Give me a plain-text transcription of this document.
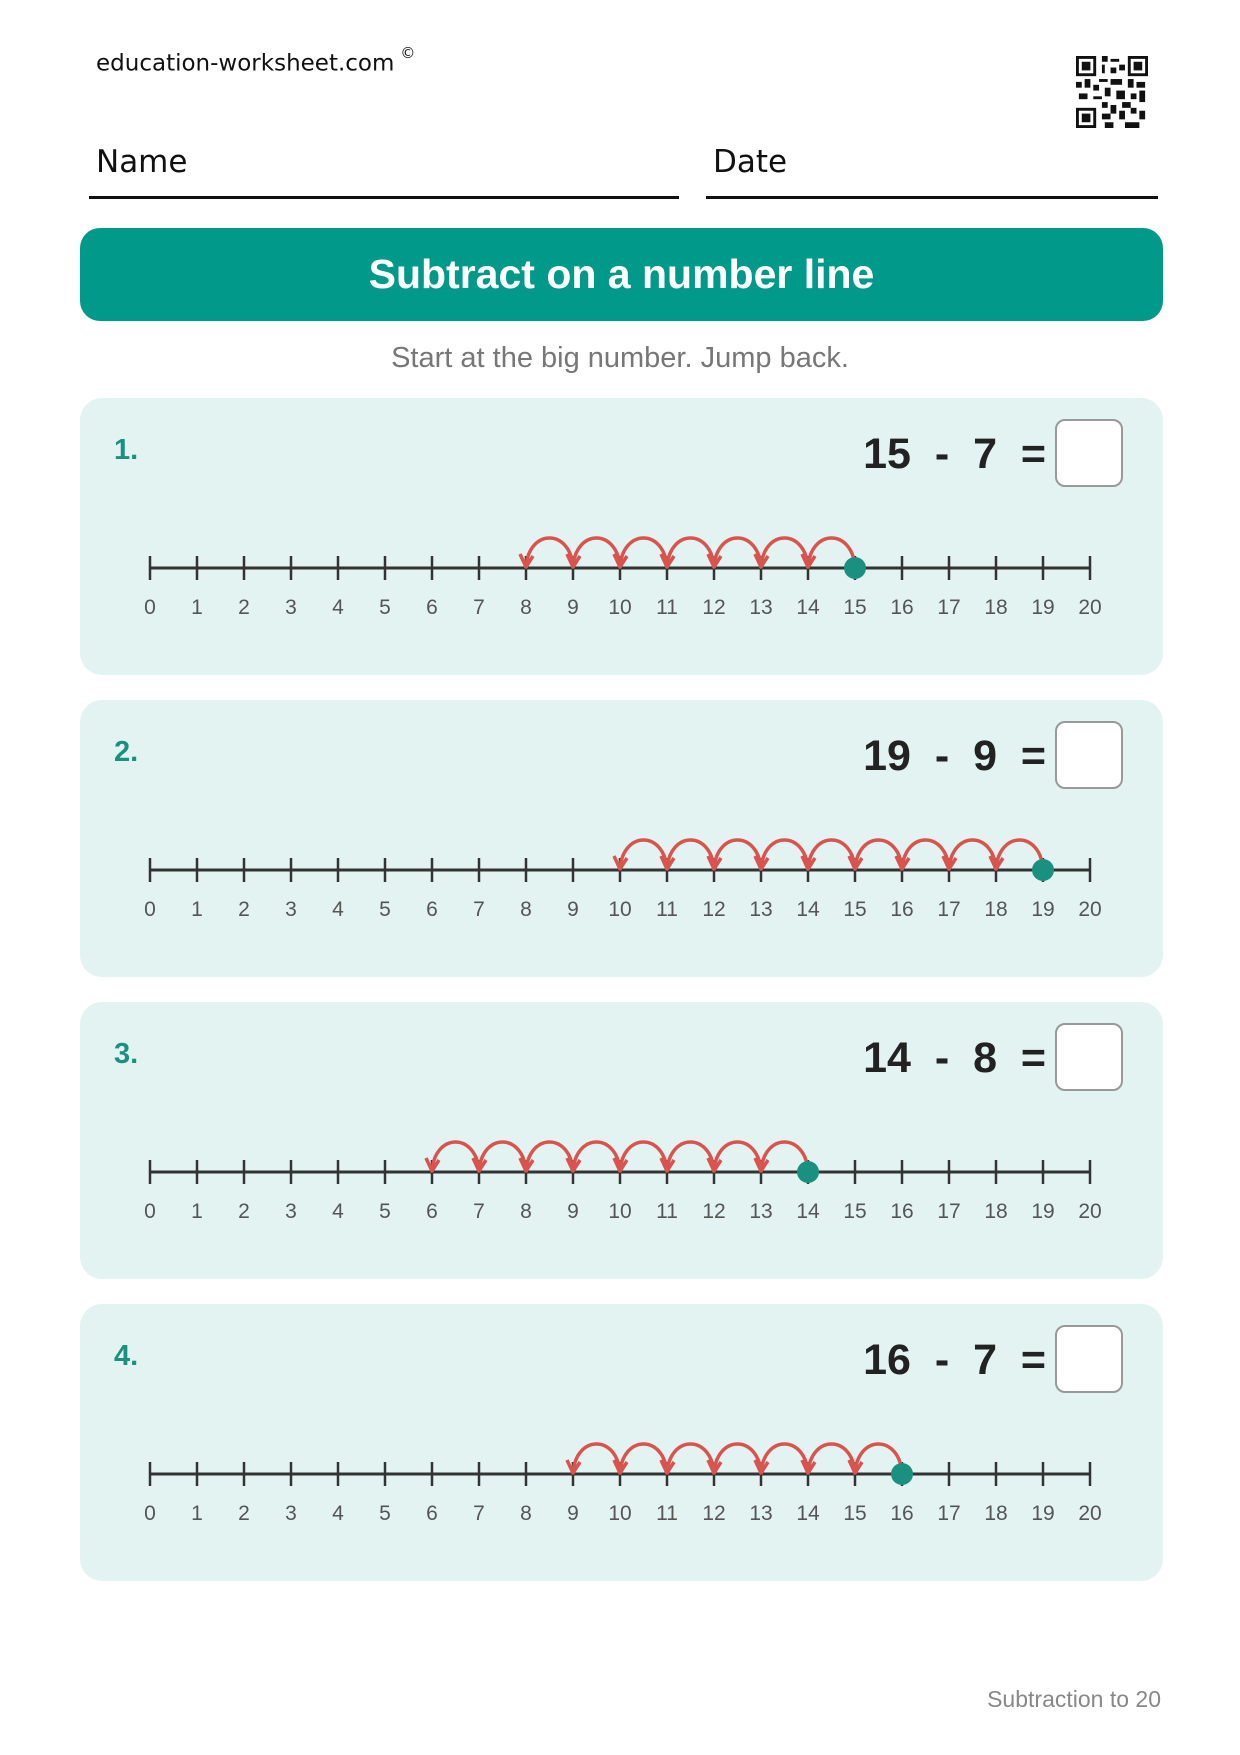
education-worksheet.com ©
Name	Date
Subtract on a number line
Start at the big number. Jump back.
1.	15  -  7  =
0 1 2 3 4 5 6 7 8 9 10 11 12 13 14 15 16 17 18 19 20
2.	19  -  9  =
0 1 2 3 4 5 6 7 8 9 10 11 12 13 14 15 16 17 18 19 20
3.	14  -  8  =
0 1 2 3 4 5 6 7 8 9 10 11 12 13 14 15 16 17 18 19 20
4.	16  -  7  =
0 1 2 3 4 5 6 7 8 9 10 11 12 13 14 15 16 17 18 19 20
Subtraction to 20
